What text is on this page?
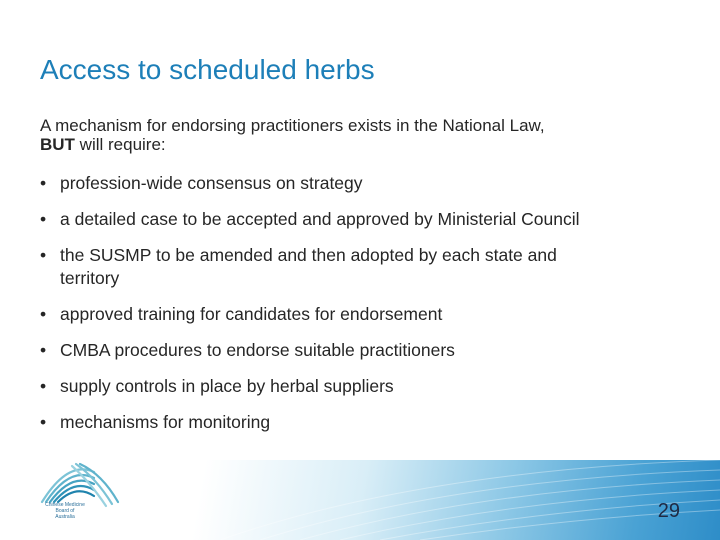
Access to scheduled herbs
A mechanism for endorsing practitioners exists in the National Law,
BUT will require:
• profession-wide consensus on strategy
• a detailed case to be accepted and approved by Ministerial Council
• the SUSMP to be amended and then adopted by each state and territory
• approved training for candidates for endorsement
• CMBA procedures to endorse suitable practitioners
• supply controls in place by herbal suppliers
• mechanisms for monitoring
Chinese Medicine
Board of
Australia	29
